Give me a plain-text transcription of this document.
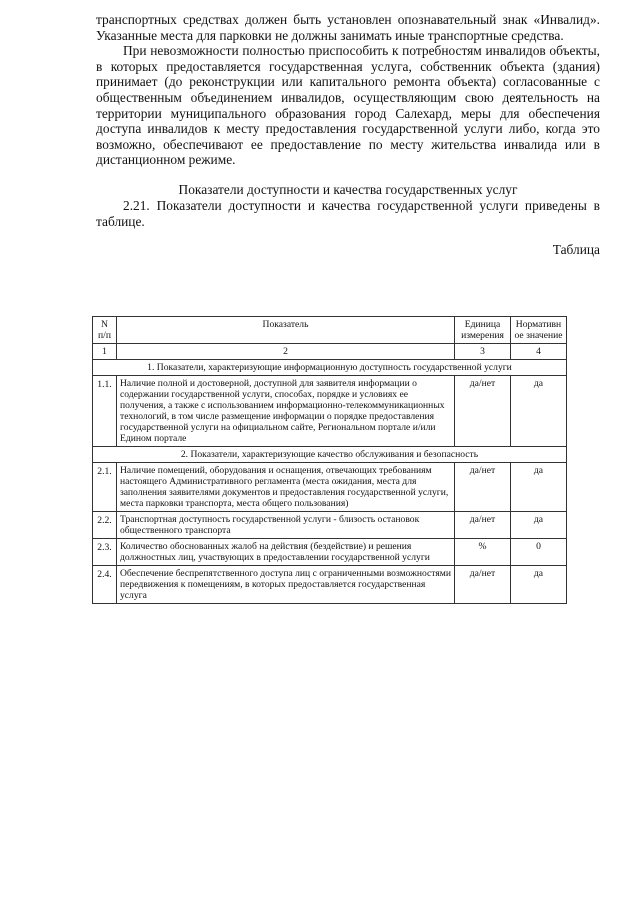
транспортных средствах должен быть установлен опознавательный знак «Инвалид». Указанные места для парковки не должны занимать иные транспортные средства.

При невозможности полностью приспособить к потребностям инвалидов объекты, в которых предоставляется государственная услуга, собственник объекта (здания) принимает (до реконструкции или капитального ремонта объекта) согласованные с общественным объединением инвалидов, осуществляющим свою деятельность на территории муниципального образования город Салехард, меры для обеспечения доступа инвалидов к месту предоставления государственной услуги либо, когда это возможно, обеспечивают ее предоставление по месту жительства инвалида или в дистанционном режиме.

Показатели доступности и качества государственных услуг

2.21. Показатели доступности и качества государственной услуги приведены в таблице.

Таблица
N п/п	Показатель	Единица измерения	Нормативное значение
1	2	3	4
1. Показатели, характеризующие информационную доступность государственной услуги			
1.1.	Наличие полной и достоверной, доступной для заявителя информации о содержании государственной услуги, способах, порядке и условиях ее получения, а также с использованием информационно-телекоммуникационных технологий, в том числе размещение информации о порядке предоставления государственной услуги на официальном сайте, Региональном портале и/или Едином портале	да/нет	да
2. Показатели, характеризующие качество обслуживания и безопасность			
2.1.	Наличие помещений, оборудования и оснащения, отвечающих требованиям настоящего Административного регламента (места ожидания, места для заполнения заявителями документов и предоставления государственной услуги, места парковки транспорта, места общего пользования)	да/нет	да
2.2.	Транспортная доступность государственной услуги - близость остановок общественного транспорта	да/нет	да
2.3.	Количество обоснованных жалоб на действия (бездействие) и решения должностных лиц, участвующих в предоставлении государственной услуги	%	0
2.4.	Обеспечение беспрепятственного доступа лиц с ограниченными возможностями передвижения к помещениям, в которых предоставляется государственная услуга	да/нет	да
